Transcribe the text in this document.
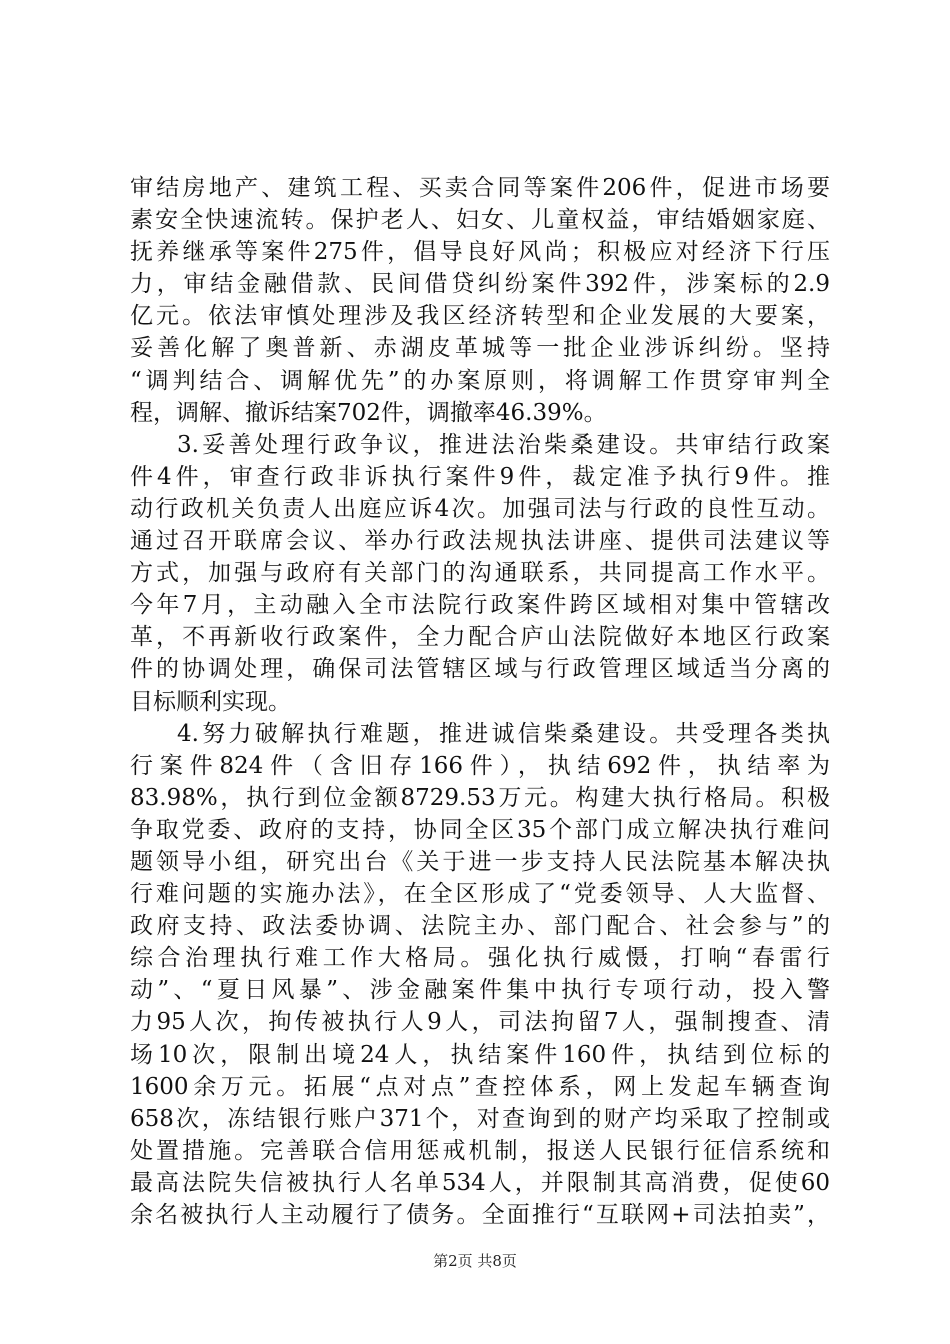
审结房地产、建筑工程、买卖合同等案件206件，促进市场要
素安全快速流转。保护老人、妇女、儿童权益，审结婚姻家庭、
抚养继承等案件275件，倡导良好风尚；积极应对经济下行压
力，审结金融借款、民间借贷纠纷案件392件，涉案标的2.9
亿元。依法审慎处理涉及我区经济转型和企业发展的大要案，
妥善化解了奥普新、赤湖皮革城等一批企业涉诉纠纷。坚持
“调判结合、调解优先”的办案原则，将调解工作贯穿审判全
程，调解、撤诉结案702件，调撤率46.39%。
3.妥善处理行政争议，推进法治柴桑建设。共审结行政案
件4件，审查行政非诉执行案件9件，裁定准予执行9件。推
动行政机关负责人出庭应诉4次。加强司法与行政的良性互动。
通过召开联席会议、举办行政法规执法讲座、提供司法建议等
方式，加强与政府有关部门的沟通联系，共同提高工作水平。
今年7月，主动融入全市法院行政案件跨区域相对集中管辖改
革，不再新收行政案件，全力配合庐山法院做好本地区行政案
件的协调处理，确保司法管辖区域与行政管理区域适当分离的
目标顺利实现。
4.努力破解执行难题，推进诚信柴桑建设。共受理各类执
行案件824件（含旧存166件），执结692件，执结率为
83.98%，执行到位金额8729.53万元。构建大执行格局。积极
争取党委、政府的支持，协同全区35个部门成立解决执行难问
题领导小组，研究出台《关于进一步支持人民法院基本解决执
行难问题的实施办法》，在全区形成了“党委领导、人大监督、
政府支持、政法委协调、法院主办、部门配合、社会参与”的
综合治理执行难工作大格局。强化执行威慑，打响“春雷行
动”、“夏日风暴”、涉金融案件集中执行专项行动，投入警
力95人次，拘传被执行人9人，司法拘留7人，强制搜查、清
场10次，限制出境24人，执结案件160件，执结到位标的
1600余万元。拓展“点对点”查控体系，网上发起车辆查询
658次，冻结银行账户371个，对查询到的财产均采取了控制或
处置措施。完善联合信用惩戒机制，报送人民银行征信系统和
最高法院失信被执行人名单534人，并限制其高消费，促使60
余名被执行人主动履行了债务。全面推行“互联网+司法拍卖”，
第2页 共8页
